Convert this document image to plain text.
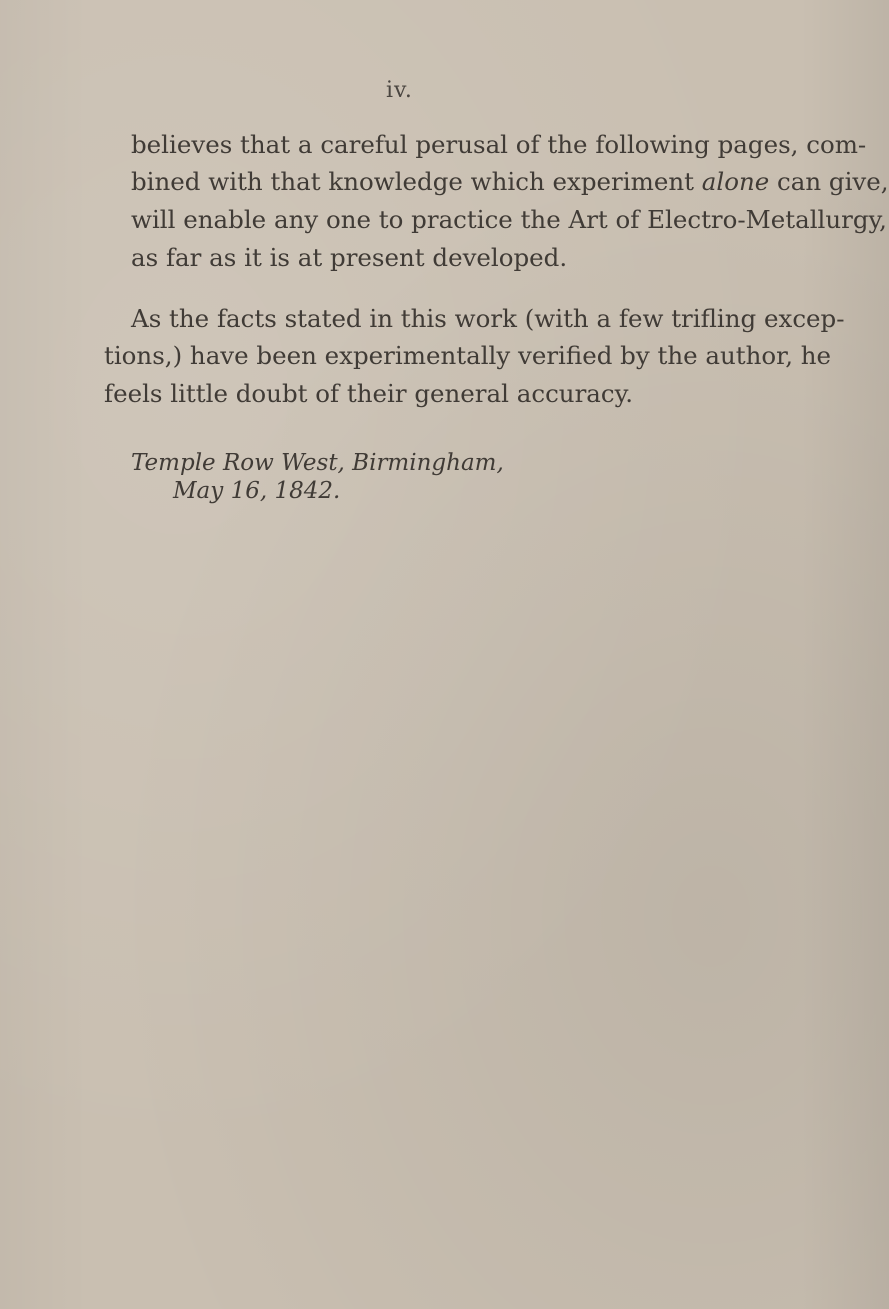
iv.
believes that a careful perusal of the following pages, com-
bined with that knowledge which experiment alone can give,
will enable any one to practice the Art of Electro-Metallurgy,
as far as it is at present developed.
As the facts stated in this work (with a few trifling excep-
tions,) have been experimentally verified by the author, he
feels little doubt of their general accuracy.
Temple Row West, Birmingham,
May 16, 1842.
